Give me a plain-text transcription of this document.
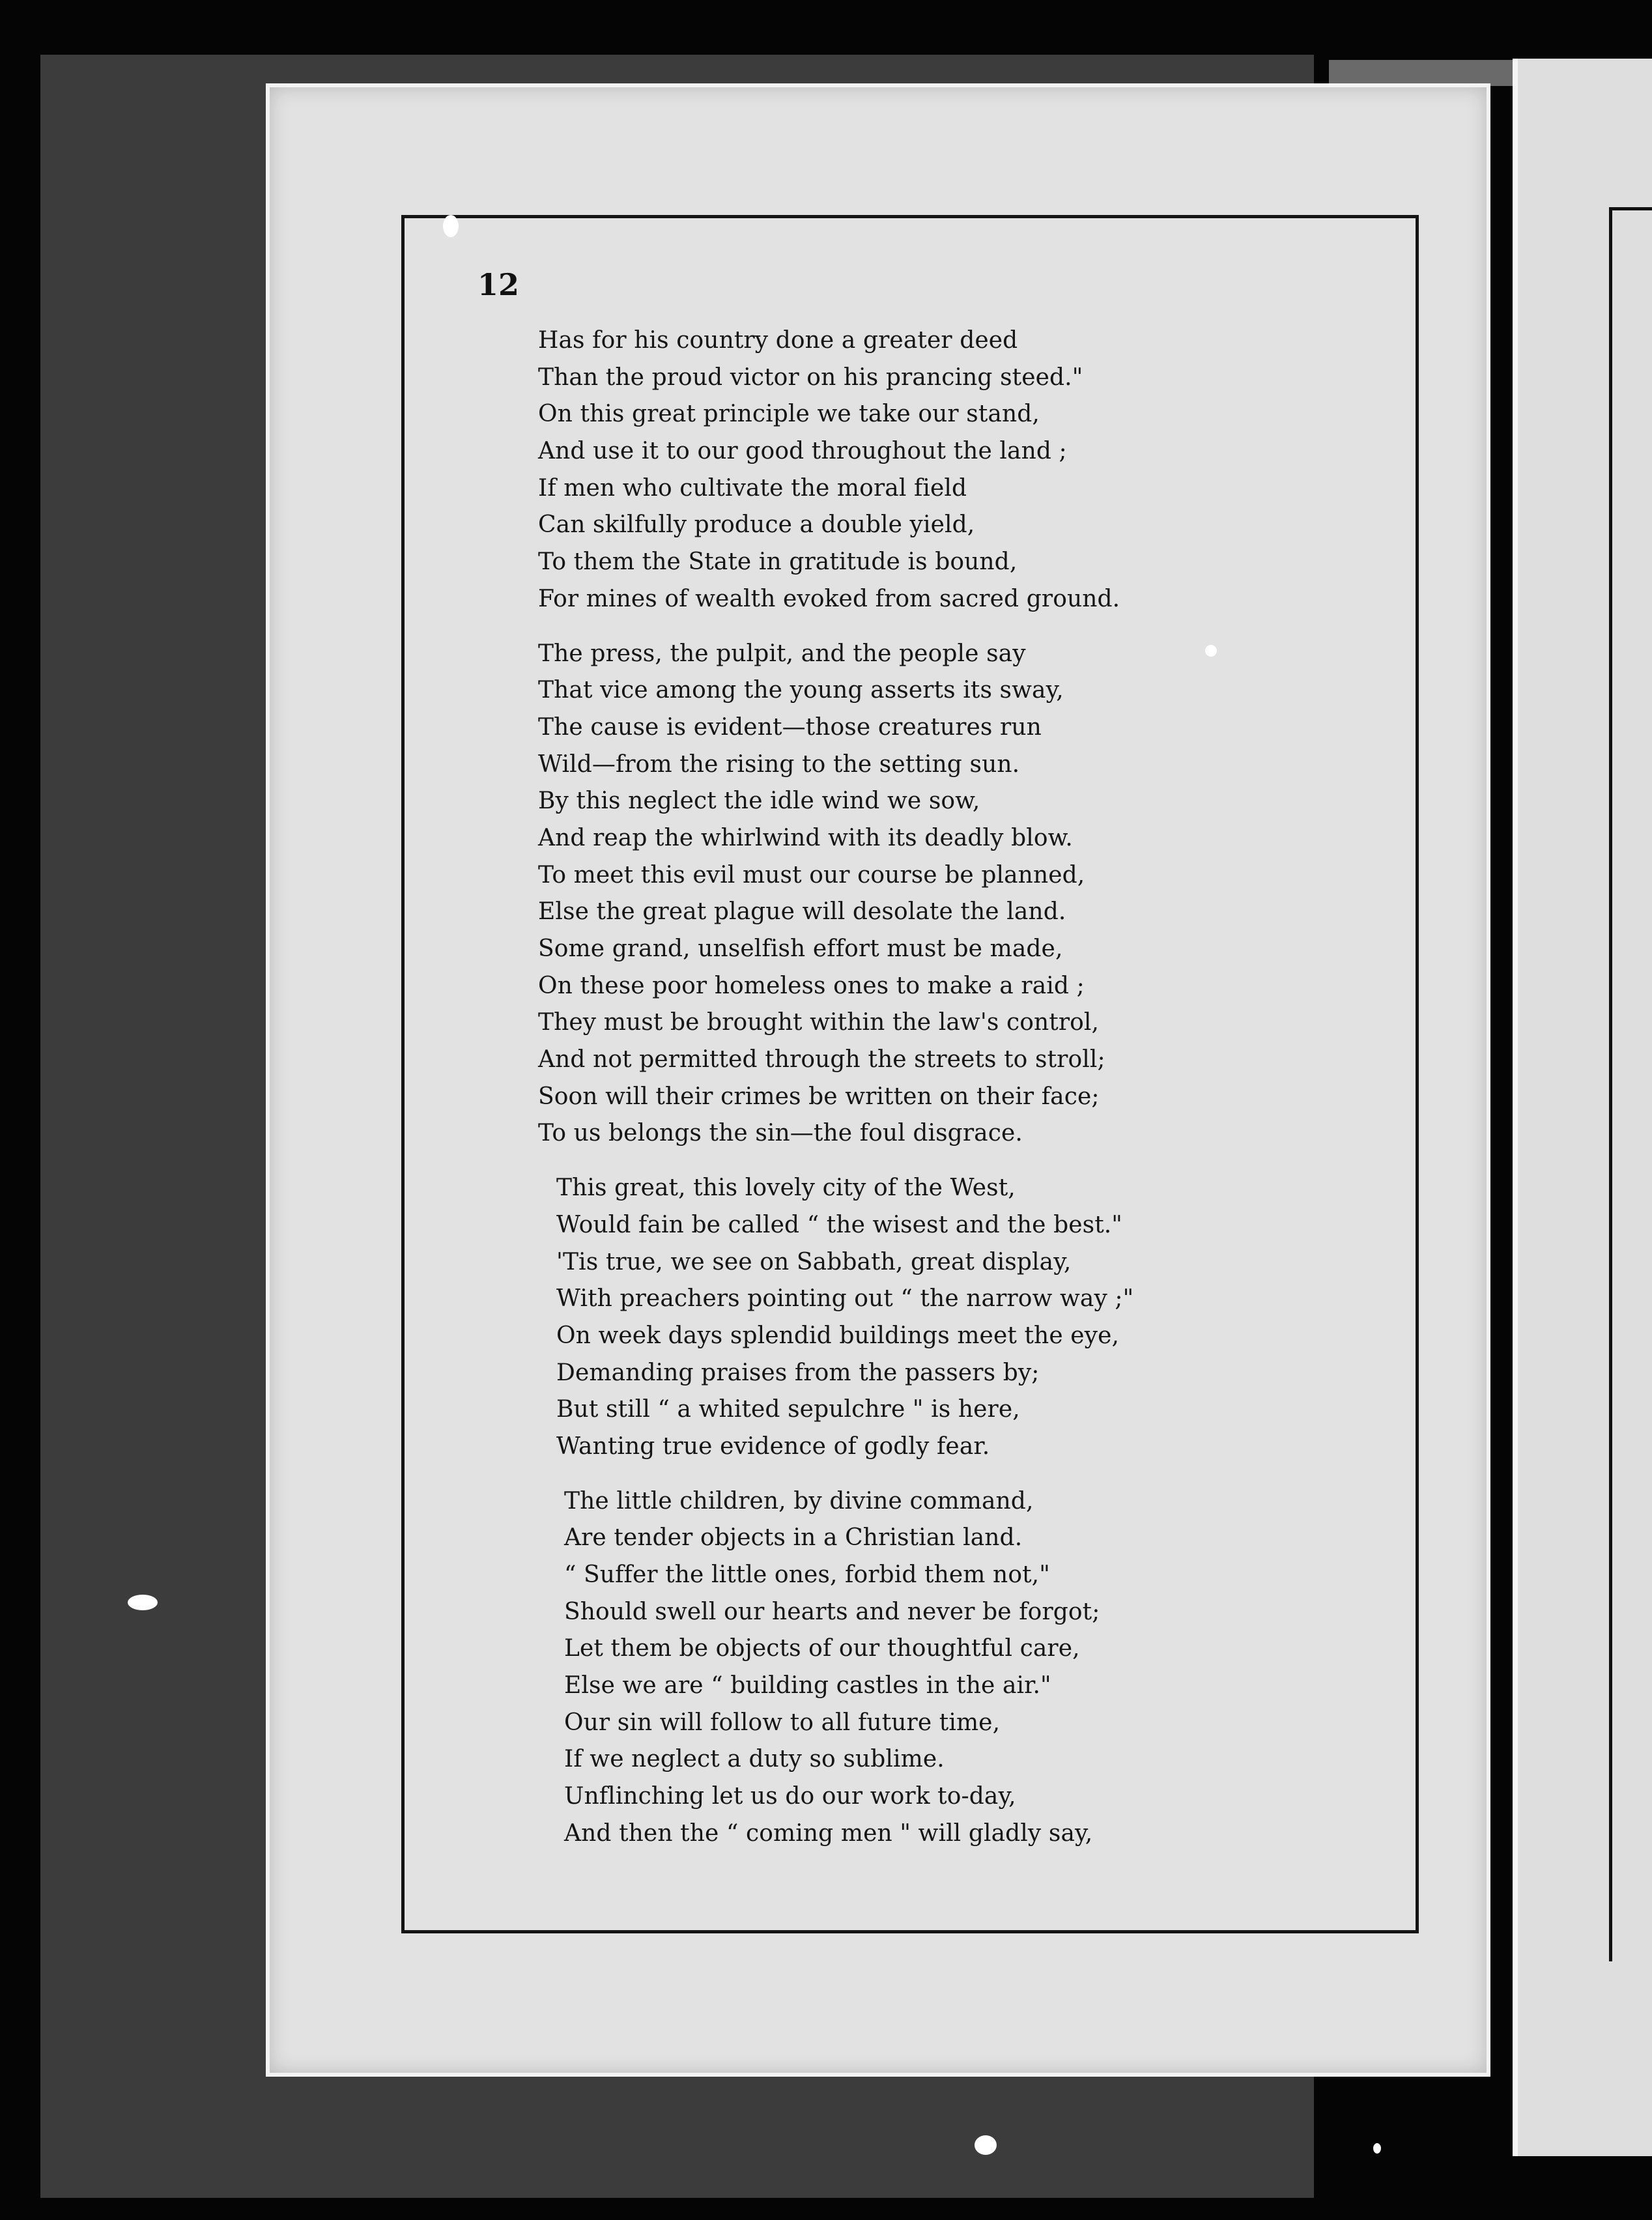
12
Has for his country done a greater deed
Than the proud victor on his prancing steed."
On this great principle we take our stand,
And use it to our good throughout the land ;
If men who cultivate the moral field
Can skilfully produce a double yield,
To them the State in gratitude is bound,
For mines of wealth evoked from sacred ground.
The press, the pulpit, and the people say
That vice among the young asserts its sway,
The cause is evident—those creatures run
Wild—from the rising to the setting sun.
By this neglect the idle wind we sow,
And reap the whirlwind with its deadly blow.
To meet this evil must our course be planned,
Else the great plague will desolate the land.
Some grand, unselfish effort must be made,
On these poor homeless ones to make a raid ;
They must be brought within the law's control,
And not permitted through the streets to stroll;
Soon will their crimes be written on their face;
To us belongs the sin—the foul disgrace.
This great, this lovely city of the West,
Would fain be called “ the wisest and the best."
'Tis true, we see on Sabbath, great display,
With preachers pointing out “ the narrow way ;"
On week days splendid buildings meet the eye,
Demanding praises from the passers by;
But still “ a whited sepulchre " is here,
Wanting true evidence of godly fear.
The little children, by divine command,
Are tender objects in a Christian land.
“ Suffer the little ones, forbid them not,"
Should swell our hearts and never be forgot;
Let them be objects of our thoughtful care,
Else we are “ building castles in the air."
Our sin will follow to all future time,
If we neglect a duty so sublime.
Unflinching let us do our work to-day,
And then the “ coming men " will gladly say,
